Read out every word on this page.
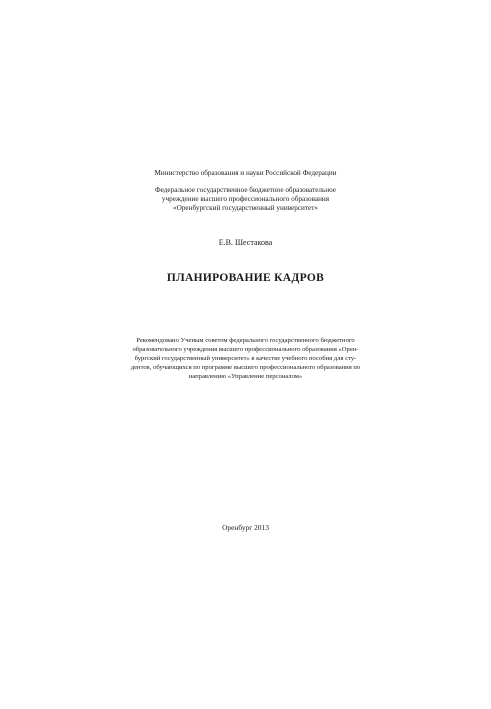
Министерство образования и науки Российской Федерации

Федеральное государственное бюджетное образовательное

учреждение высшего профессионального образования

«Оренбургский государственный университет»

Е.В. Шестакова

ПЛАНИРОВАНИЕ КАДРОВ

Рекомендовано Ученым советом федерального государственного бюджетного

образовательного учреждения высшего профессионального образования «Орен-

бургский государственный университет» в качестве учебного пособия для сту-

дентов, обучающихся по программе высшего профессионального образования по

направлению «Управление персоналом»

Оренбург 2013
